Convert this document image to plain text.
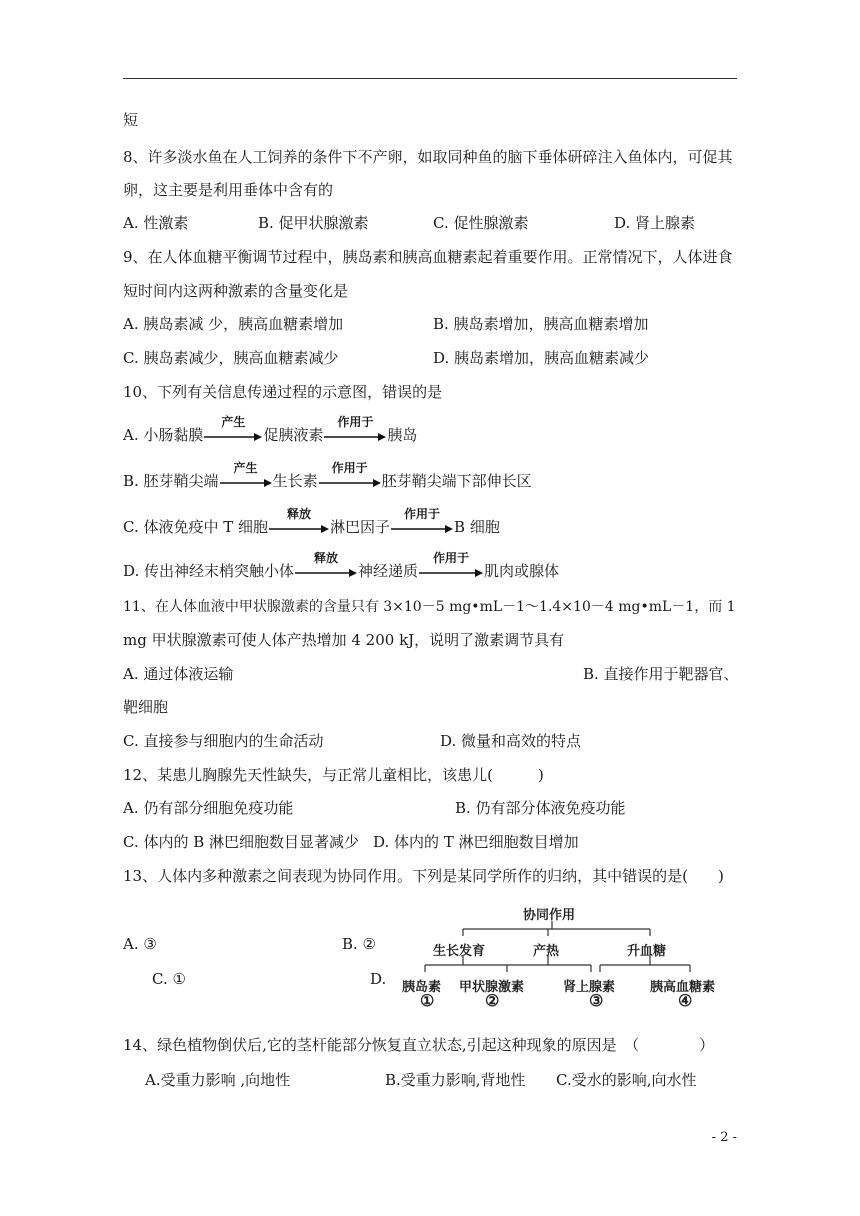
短
8、许多淡水鱼在人工饲养的条件下不产卵，如取同种鱼的脑下垂体研碎注入鱼体内，可促其
卵，这主要是利用垂体中含有的
A. 性激素	B. 促甲状腺激素	C. 促性腺激素	D. 肾上腺素
9、在人体血糖平衡调节过程中，胰岛素和胰高血糖素起着重要作用。正常情况下，人体进食
短时间内这两种激素的含量变化是
A. 胰岛素减 少，胰高血糖素增加	B. 胰岛素增加，胰高血糖素增加
C. 胰岛素减少，胰高血糖素减少	D. 胰岛素增加，胰高血糖素减少
10、下列有关信息传递过程的示意图，错误的是
A. 小肠黏膜
产生
促胰液素
作用于
胰岛
B. 胚芽鞘尖端
产生
生长素
作用于
胚芽鞘尖端下部伸长区
C. 体液免疫中 T 细胞
释放
淋巴因子
作用于
B 细胞
D. 传出神经末梢突触小体
释放
神经递质
作用于
肌肉或腺体
11、在人体血液中甲状腺激素的含量只有 3×10－5 mg•mL－1～1.4×10－4 mg•mL－1，而 1
mg 甲状腺激素可使人体产热增加 4 200 kJ，说明了激素调节具有
A. 通过体液运输	B. 直接作用于靶器官、
靶细胞
C. 直接参与细胞内的生命活动	D. 微量和高效的特点
12、某患儿胸腺先天性缺失，与正常儿童相比，该患儿(　　　)
A. 仍有部分细胞免疫功能	B. 仍有部分体液免疫功能
C. 体内的 B 淋巴细胞数目显著减少 D. 体内的 T 淋巴细胞数目增加
13、人体内多种激素之间表现为协同作用。下列是某同学所作的归纳，其中错误的是(　　)
A. ③	B. ②
C. ①	D.
协同作用
生长发育	产热	升血糖
胰岛素 甲状腺激素	肾上腺素	胰高血糖素
①	②	③	④
14、绿色植物倒伏后,它的茎杆能部分恢复直立状态,引起这种现象的原因是　（　　　　）
A.受重力影响 ,向地性	B.受重力影响,背地性 C.受水的影响,向水性
- 2 -
